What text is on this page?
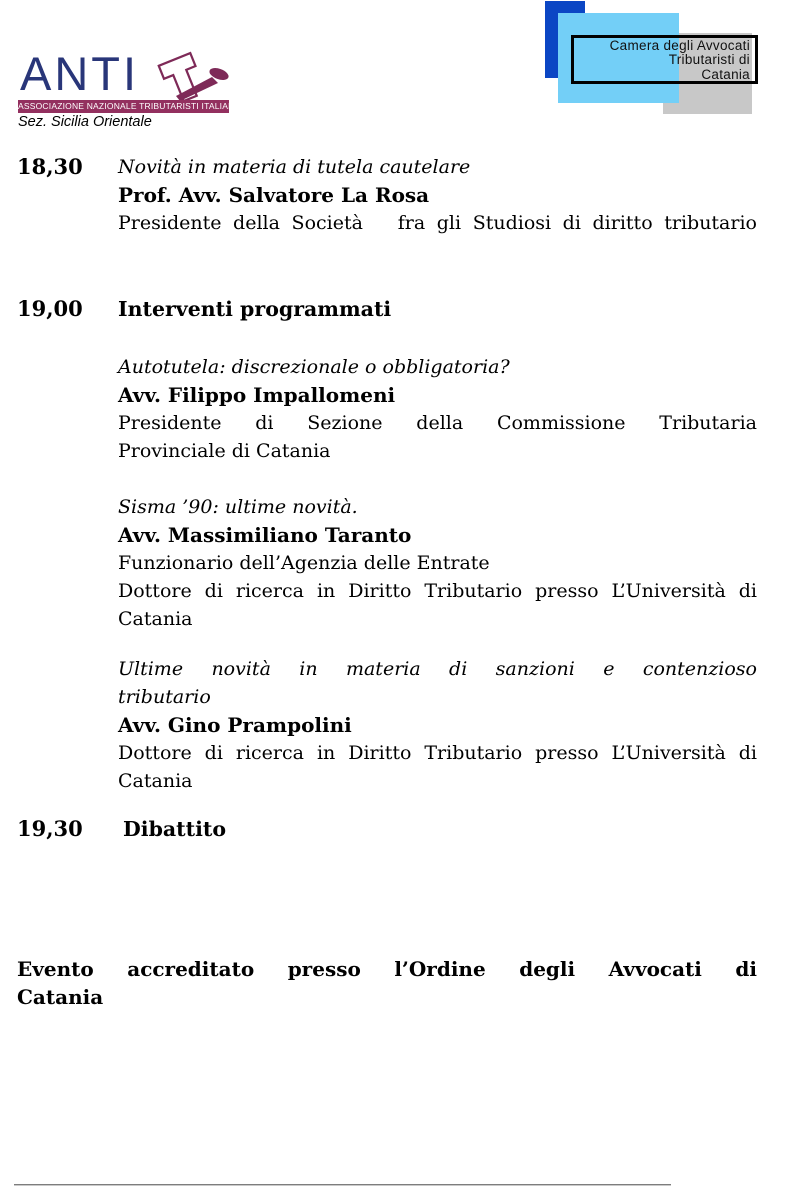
ANTI
ASSOCIAZIONE NAZIONALE TRIBUTARISTI ITALIANI
Sez. Sicilia Orientale
Camera degli Avvocati
Tributaristi di
Catania
18,30	Novità in materia di tutela cautelare
Prof. Avv. Salvatore La Rosa
Presidente della Società   fra gli Studiosi di diritto tributario
19,00	Interventi programmati
Autotutela: discrezionale o obbligatoria?
Avv. Filippo Impallomeni
Presidente di Sezione della Commissione Tributaria
Provinciale di Catania
Sisma ’90: ultime novità.
Avv. Massimiliano Taranto
Funzionario dell’Agenzia delle Entrate
Dottore di ricerca in Diritto Tributario presso L’Università di
Catania
Ultime novità in materia di sanzioni e contenzioso
tributario
Avv. Gino Prampolini
Dottore di ricerca in Diritto Tributario presso L’Università di
Catania
19,30	Dibattito
Evento accreditato presso l’Ordine degli Avvocati di
Catania
